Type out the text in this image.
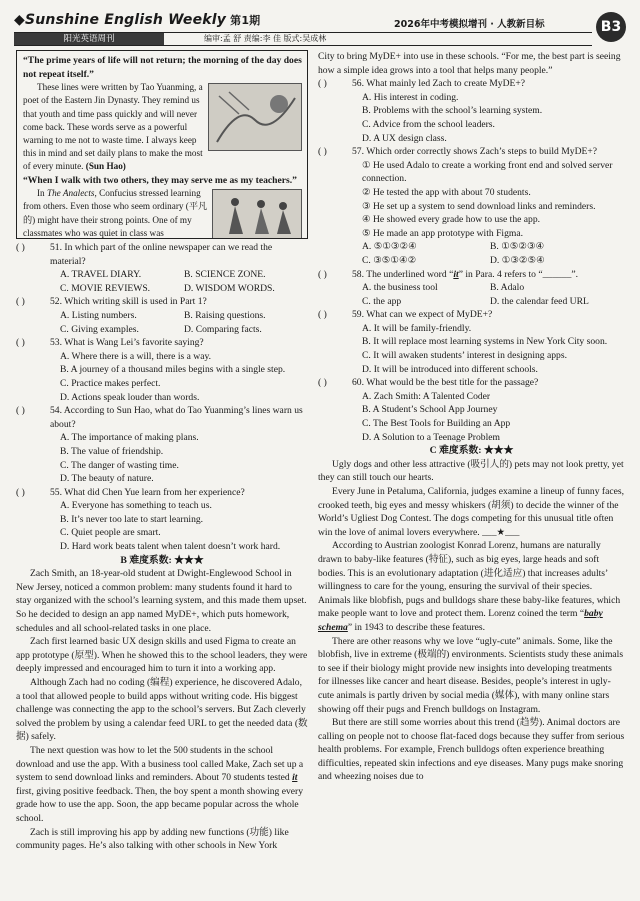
◆Sunshine English Weekly 第1期	2026年中考模拟增刊 · 人教新目标	B3
阳光英语周刊	编审:孟 舒 责编:李 佳 版式:吴成林

“The prime years of life will not return; the morning of the day does not repeat itself.”

These lines were written by Tao Yuanming, a poet of the Eastern Jin Dynasty. They remind us that youth and time pass quickly and will never come back. These words serve as a powerful warning to me not to waste time. I always keep this in mind and set daily plans to make the most of every minute. (Sun Hao)

“When I walk with two others, they may serve me as my teachers.”

In The Analects, Confucius stressed learning from others. Even those who seem ordinary (平凡的) might have their strong points. One of my classmates who was quiet in class was

( )	51. In which part of the online newspaper can we read the material?
A. TRAVEL DIARY.	B. SCIENCE ZONE.
C. MOVIE REVIEWS.	D. WISDOM WORDS.
( )	52. Which writing skill is used in Part 1?
A. Listing numbers.	B. Raising questions.
C. Giving examples.	D. Comparing facts.
( )	53. What is Wang Lei’s favorite saying?
A. Where there is a will, there is a way.
B. A journey of a thousand miles begins with a single step.
C. Practice makes perfect.
D. Actions speak louder than words.
( )	54. According to Sun Hao, what do Tao Yuanming’s lines warn us about?
A. The importance of making plans.
B. The value of friendship.
C. The danger of wasting time.
D. The beauty of nature.
( )	55. What did Chen Yue learn from her experience?
A. Everyone has something to teach us.
B. It’s never too late to start learning.
C. Quiet people are smart.
D. Hard work beats talent when talent doesn’t work hard.
B 难度系数: ★★★

Zach Smith, an 18-year-old student at Dwight-Englewood School in New Jersey, noticed a common problem: many students found it hard to stay organized with the school’s learning system, and this made them upset. So he decided to design an app named MyDE+, which puts homework, schedules and all school-related tasks in one place.

Zach first learned basic UX design skills and used Figma to create an app prototype (原型). When he showed this to the school leaders, they were deeply impressed and encouraged him to turn it into a working app.

Although Zach had no coding (编程) experience, he discovered Adalo, a tool that allowed people to build apps without writing code. His biggest challenge was connecting the app to the school’s servers. But Zach cleverly solved the problem by using a calendar feed URL to get the needed data (数据) safely.

The next question was how to let the 500 students in the school download and use the app. With a business tool called Make, Zach set up a system to send download links and reminders. About 70 students tested it first, giving positive feedback. Then, the boy spent a month showing every grade how to use the app. Soon, the app became popular across the whole school.

Zach is still improving his app by adding new functions (功能) like community pages. He’s also talking with other schools in New York

City to bring MyDE+ into use in these schools. “For me, the best part is seeing how a simple idea grows into a tool that helps many people.”

( )	56. What mainly led Zach to create MyDE+?
A. His interest in coding.
B. Problems with the school’s learning system.
C. Advice from the school leaders.
D. A UX design class.
( )	57. Which order correctly shows Zach’s steps to build MyDE+?
① He used Adalo to create a working front end and solved server connection.
② He tested the app with about 70 students.
③ He set up a system to send download links and reminders.
④ He showed every grade how to use the app.
⑤ He made an app prototype with Figma.
A. ⑤①③②④	B. ①⑤②③④
C. ③⑤①④②	D. ①③②⑤④
( )	58. The underlined word “it” in Para. 4 refers to “______”.
A. the business tool	B. Adalo
C. the app	D. the calendar feed URL
( )	59. What can we expect of MyDE+?
A. It will be family-friendly.
B. It will replace most learning systems in New York City soon.
C. It will awaken students’ interest in designing apps.
D. It will be introduced into different schools.
( )	60. What would be the best title for the passage?
A. Zach Smith: A Talented Coder
B. A Student’s School App Journey
C. The Best Tools for Building an App
D. A Solution to a Teenage Problem
C 难度系数: ★★★

Ugly dogs and other less attractive (吸引人的) pets may not look pretty, yet they can still touch our hearts.

Every June in Petaluma, California, judges examine a lineup of funny faces, crooked teeth, big eyes and messy whiskers (胡须) to decide the winner of the World’s Ugliest Dog Contest. The dogs competing for this unusual title often win the love of animal lovers everywhere. ___★___

According to Austrian zoologist Konrad Lorenz, humans are naturally drawn to baby-like features (特征), such as big eyes, large heads and soft bodies. This is an evolutionary adaptation (进化适应) that increases adults’ willingness to care for the young, ensuring the survival of their species. Animals like blobfish, pugs and bulldogs share these baby-like features, which make people want to love and protect them. Lorenz coined the term “baby schema” in 1943 to describe these features.

There are other reasons why we love “ugly-cute” animals. Some, like the blobfish, live in extreme (极端的) environments. Scientists study these animals to see if their biology might provide new insights into developing treatments for illnesses like cancer and heart disease. Besides, people’s interest in ugly-cute animals is partly driven by social media (媒体), with many online stars showing off their pugs and French bulldogs on Instagram.

But there are still some worries about this trend (趋势). Animal doctors are calling on people not to choose flat-faced dogs because they suffer from serious health problems. For example, French bulldogs often experience breathing difficulties, repeated skin infections and eye diseases. Many pugs make snoring and wheezing noises due to
